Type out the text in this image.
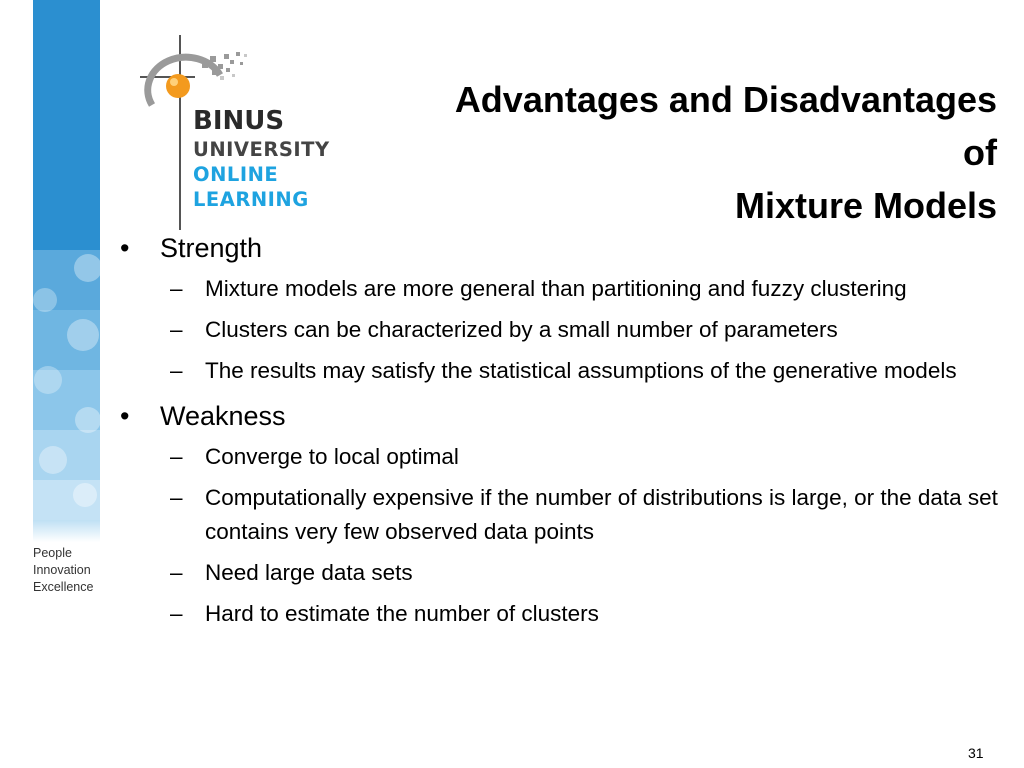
People
Innovation
Excellence
BINUS
UNIVERSITY
ONLINE
LEARNING
Advantages and Disadvantages
of
Mixture Models
• Strength
– Mixture models are more general than partitioning and fuzzy clustering
– Clusters can be characterized by a small number of parameters
– The results may satisfy the statistical assumptions of the generative models
• Weakness
– Converge to local optimal
– Computationally expensive if the number of distributions is large, or the data set contains very few observed data points
– Need large data sets
– Hard to estimate the number of clusters
31
